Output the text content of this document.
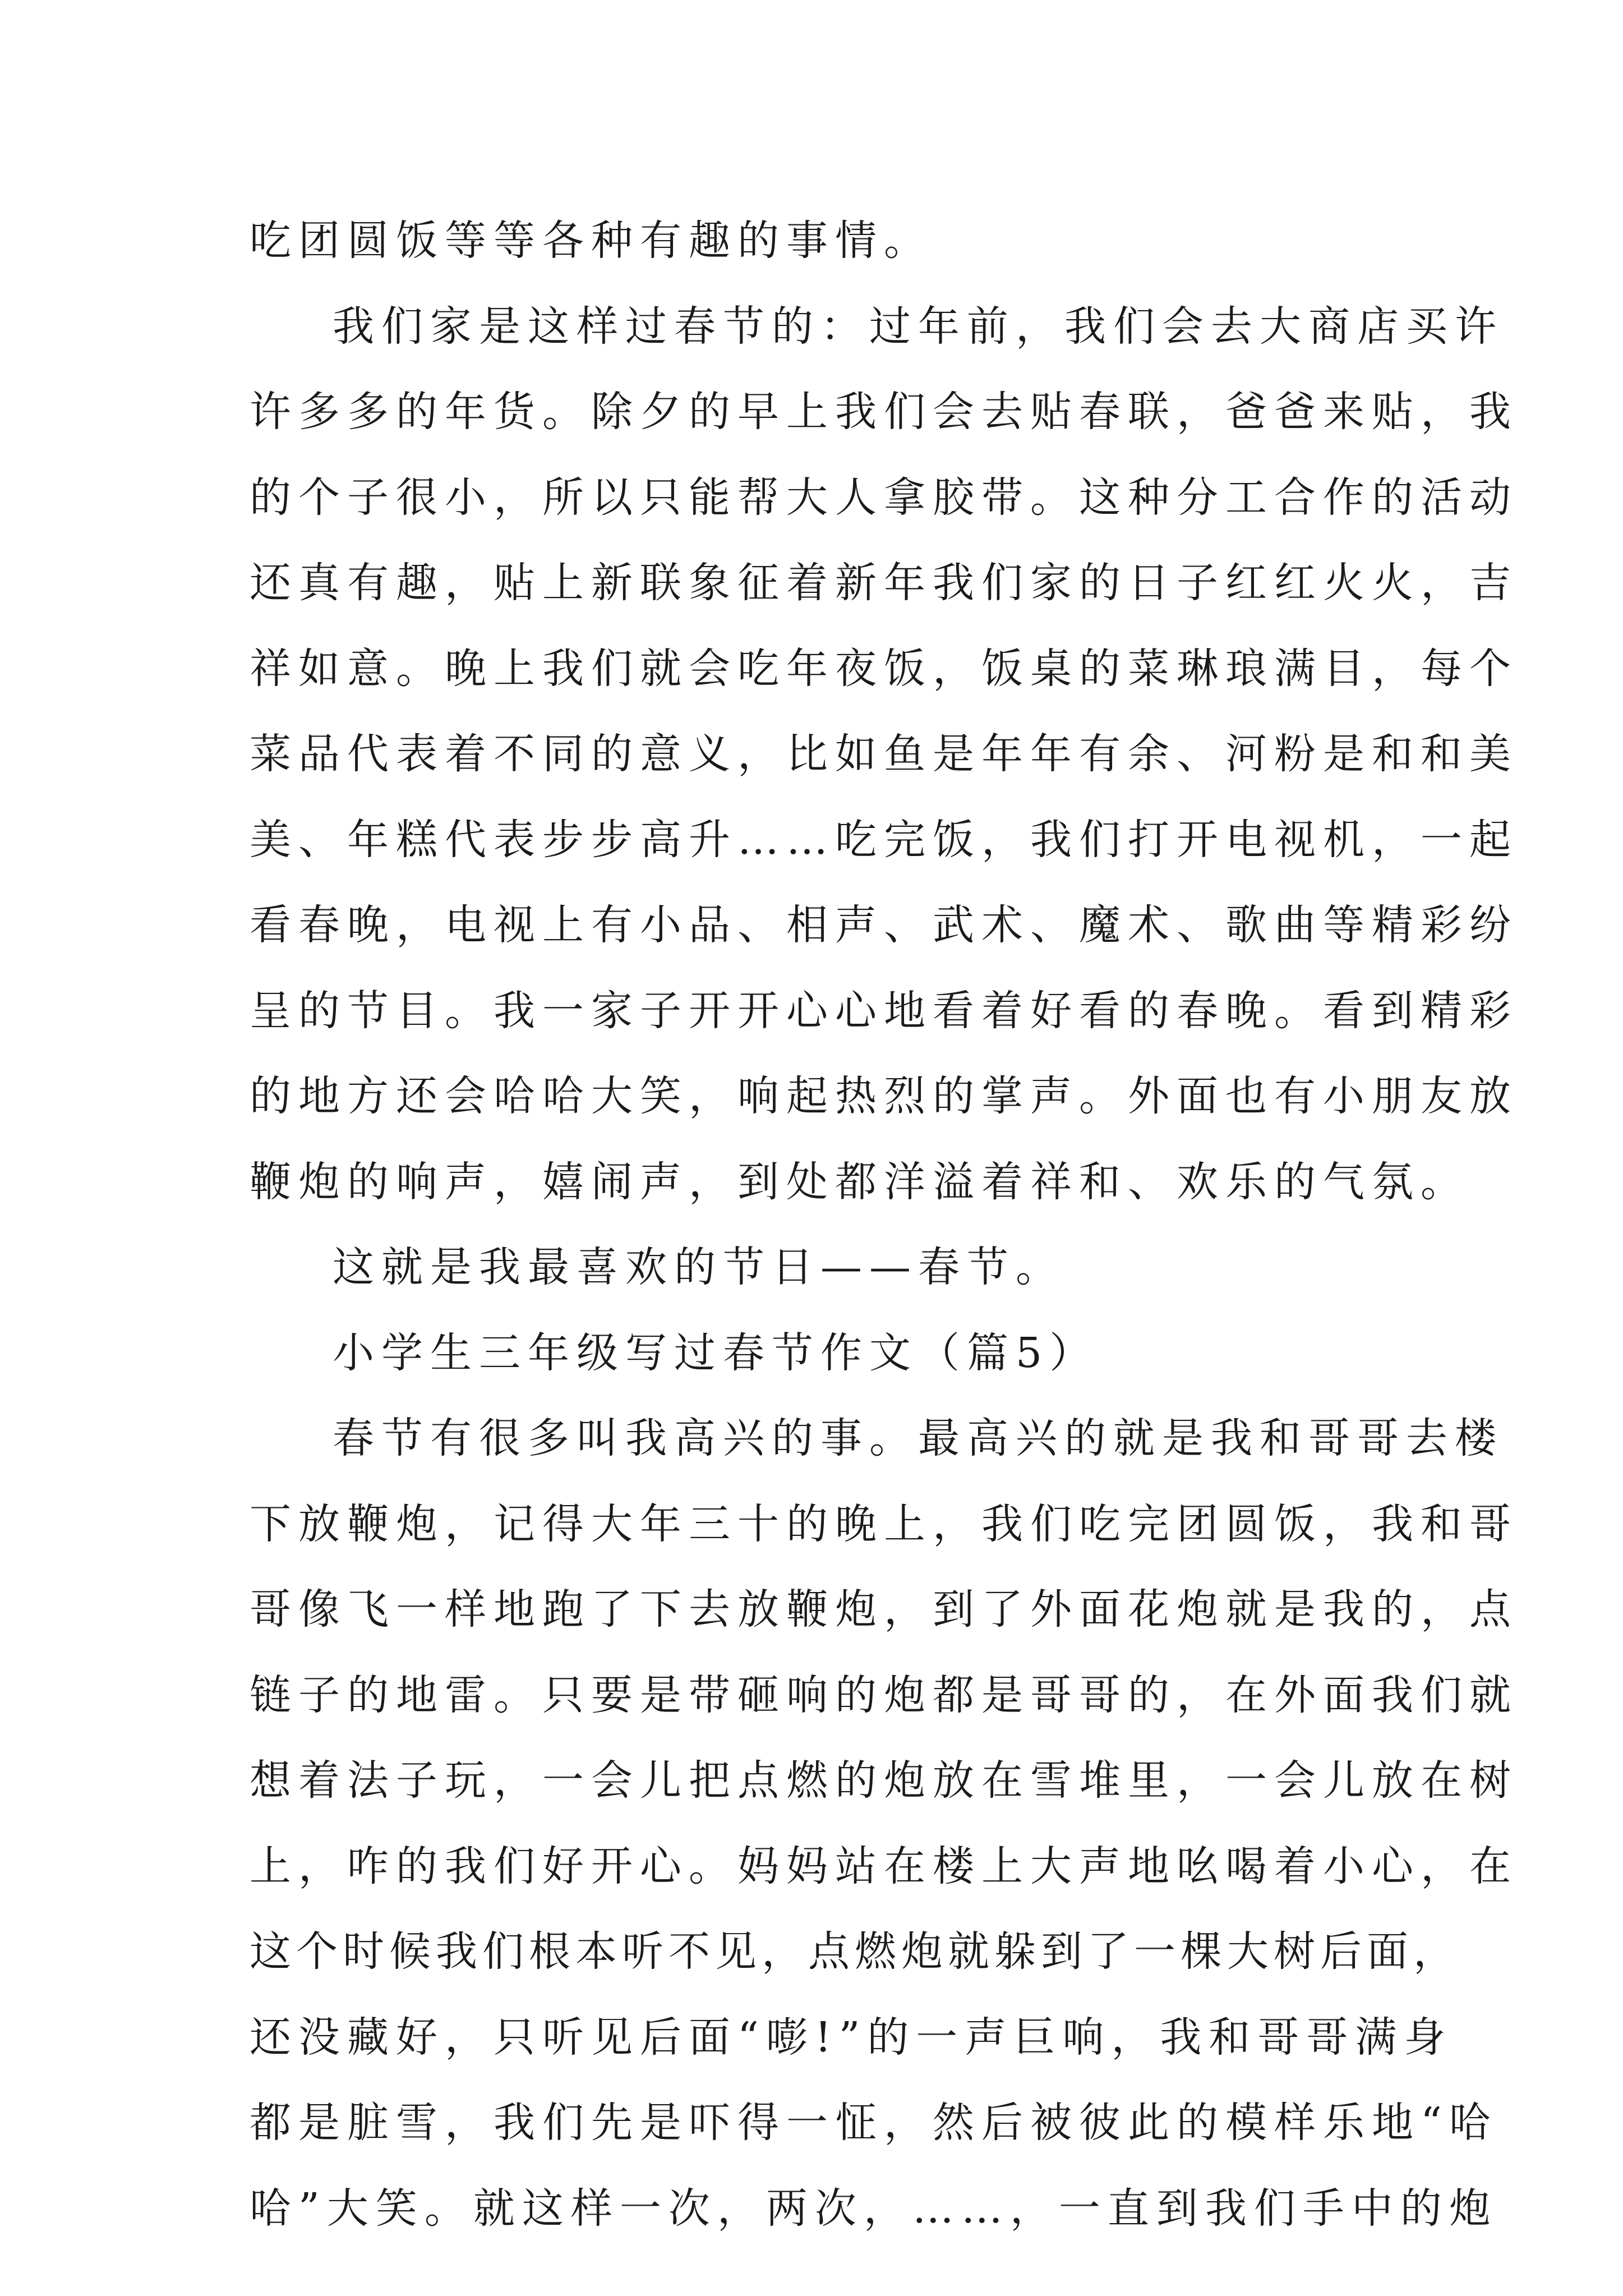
吃团圆饭等等各种有趣的事情。
我们家是这样过春节的：过年前，我们会去大商店买许
许多多的年货。除夕的早上我们会去贴春联，爸爸来贴，我
的个子很小，所以只能帮大人拿胶带。这种分工合作的活动
还真有趣，贴上新联象征着新年我们家的日子红红火火，吉
祥如意。晚上我们就会吃年夜饭，饭桌的菜琳琅满目，每个
菜品代表着不同的意义，比如鱼是年年有余、河粉是和和美
美、年糕代表步步高升……吃完饭，我们打开电视机，一起
看春晚，电视上有小品、相声、武术、魔术、歌曲等精彩纷
呈的节目。我一家子开开心心地看着好看的春晚。看到精彩
的地方还会哈哈大笑，响起热烈的掌声。外面也有小朋友放
鞭炮的响声，嬉闹声，到处都洋溢着祥和、欢乐的气氛。
这就是我最喜欢的节日——春节。
小学生三年级写过春节作文（篇5）
春节有很多叫我高兴的事。最高兴的就是我和哥哥去楼
下放鞭炮，记得大年三十的晚上，我们吃完团圆饭，我和哥
哥像飞一样地跑了下去放鞭炮，到了外面花炮就是我的，点
链子的地雷。只要是带砸响的炮都是哥哥的，在外面我们就
想着法子玩，一会儿把点燃的炮放在雪堆里，一会儿放在树
上，咋的我们好开心。妈妈站在楼上大声地吆喝着小心，在
这个时候我们根本听不见，点燃炮就躲到了一棵大树后面，
还没藏好，只听见后面“嘭!”的一声巨响，我和哥哥满身
都是脏雪，我们先是吓得一怔，然后被彼此的模样乐地“哈
哈”大笑。就这样一次，两次，……，一直到我们手中的炮
